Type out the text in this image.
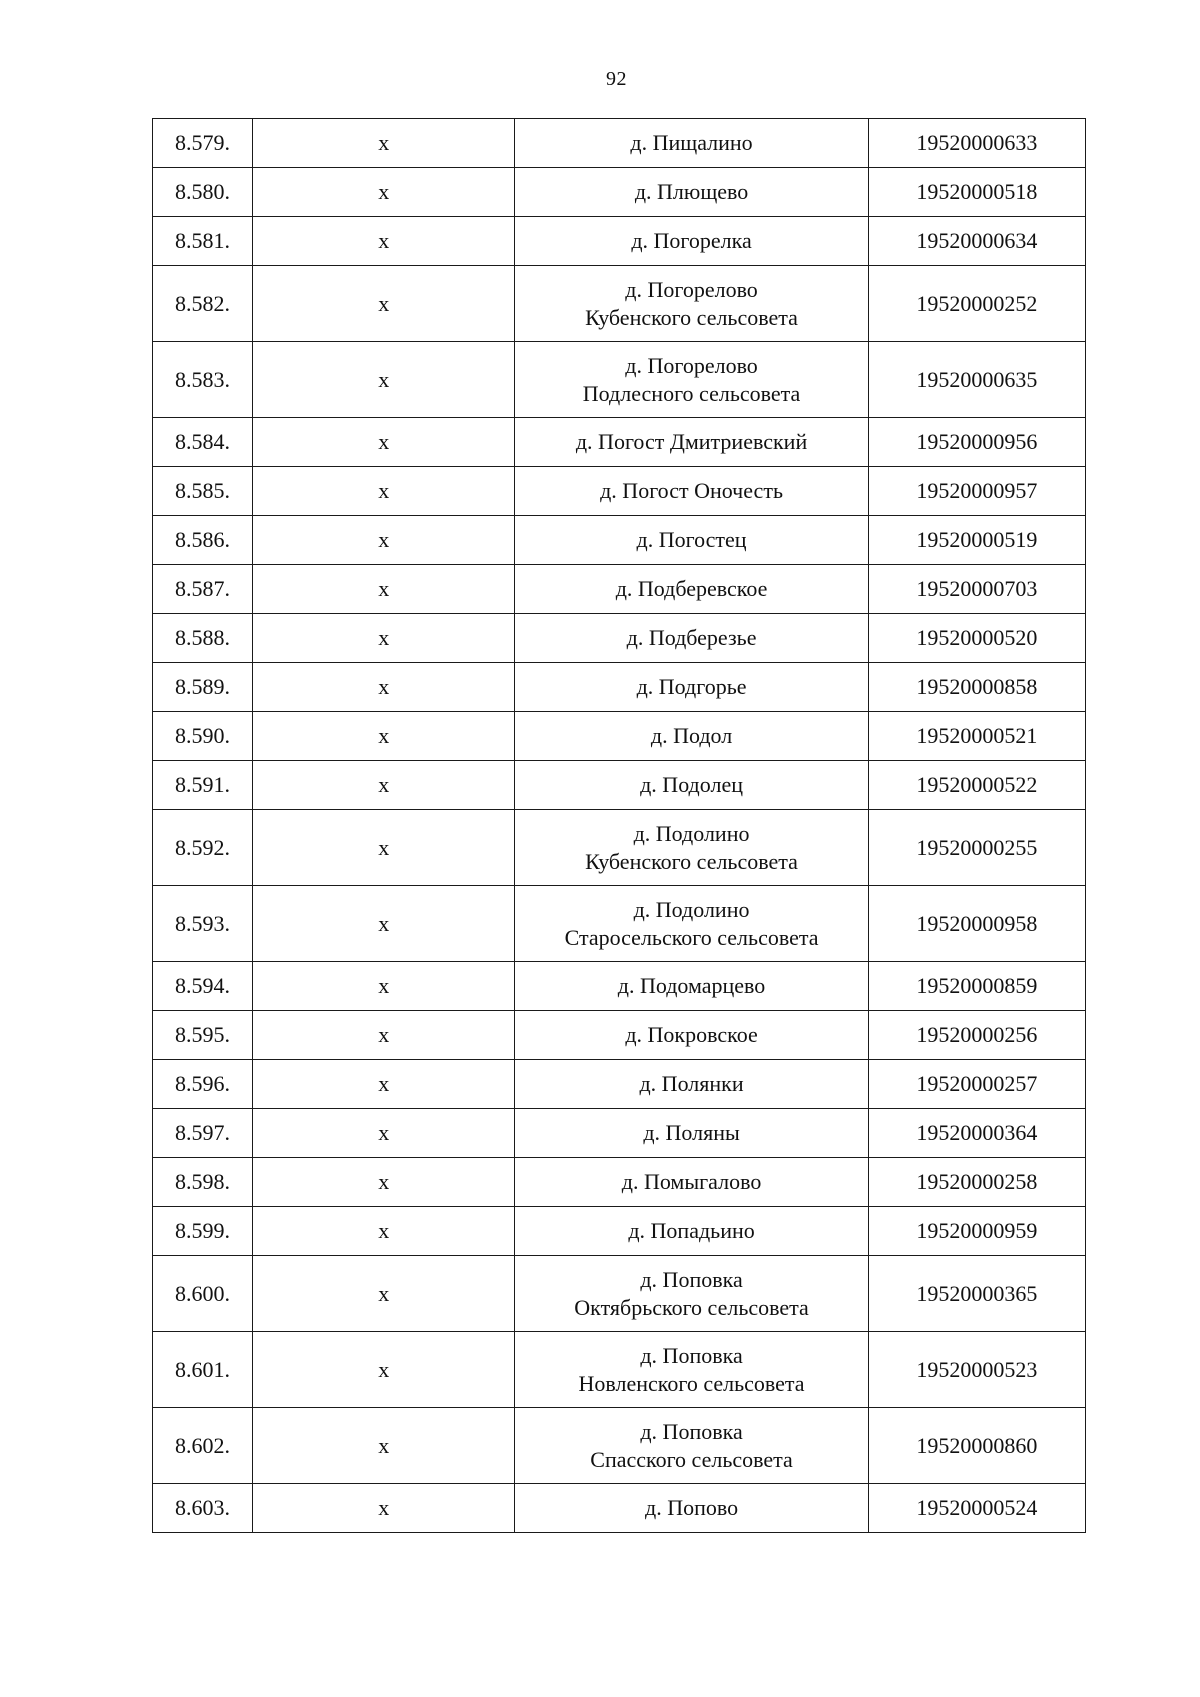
92
8.579.	х	д. Пищалино	19520000633
8.580.	х	д. Плющево	19520000518
8.581.	х	д. Погорелка	19520000634
8.582.	х	д. Погорелово
Кубенского сельсовета	19520000252
8.583.	х	д. Погорелово
Подлесного сельсовета	19520000635
8.584.	х	д. Погост Дмитриевский	19520000956
8.585.	х	д. Погост Оночесть	19520000957
8.586.	х	д. Погостец	19520000519
8.587.	х	д. Подберевское	19520000703
8.588.	х	д. Подберезье	19520000520
8.589.	х	д. Подгорье	19520000858
8.590.	х	д. Подол	19520000521
8.591.	х	д. Подолец	19520000522
8.592.	х	д. Подолино
Кубенского сельсовета	19520000255
8.593.	х	д. Подолино
Старосельского сельсовета	19520000958
8.594.	х	д. Подомарцево	19520000859
8.595.	х	д. Покровское	19520000256
8.596.	х	д. Полянки	19520000257
8.597.	х	д. Поляны	19520000364
8.598.	х	д. Помыгалово	19520000258
8.599.	х	д. Попадьино	19520000959
8.600.	х	д. Поповка
Октябрьского сельсовета	19520000365
8.601.	х	д. Поповка
Новленского сельсовета	19520000523
8.602.	х	д. Поповка
Спасского сельсовета	19520000860
8.603.	х	д. Попово	19520000524
